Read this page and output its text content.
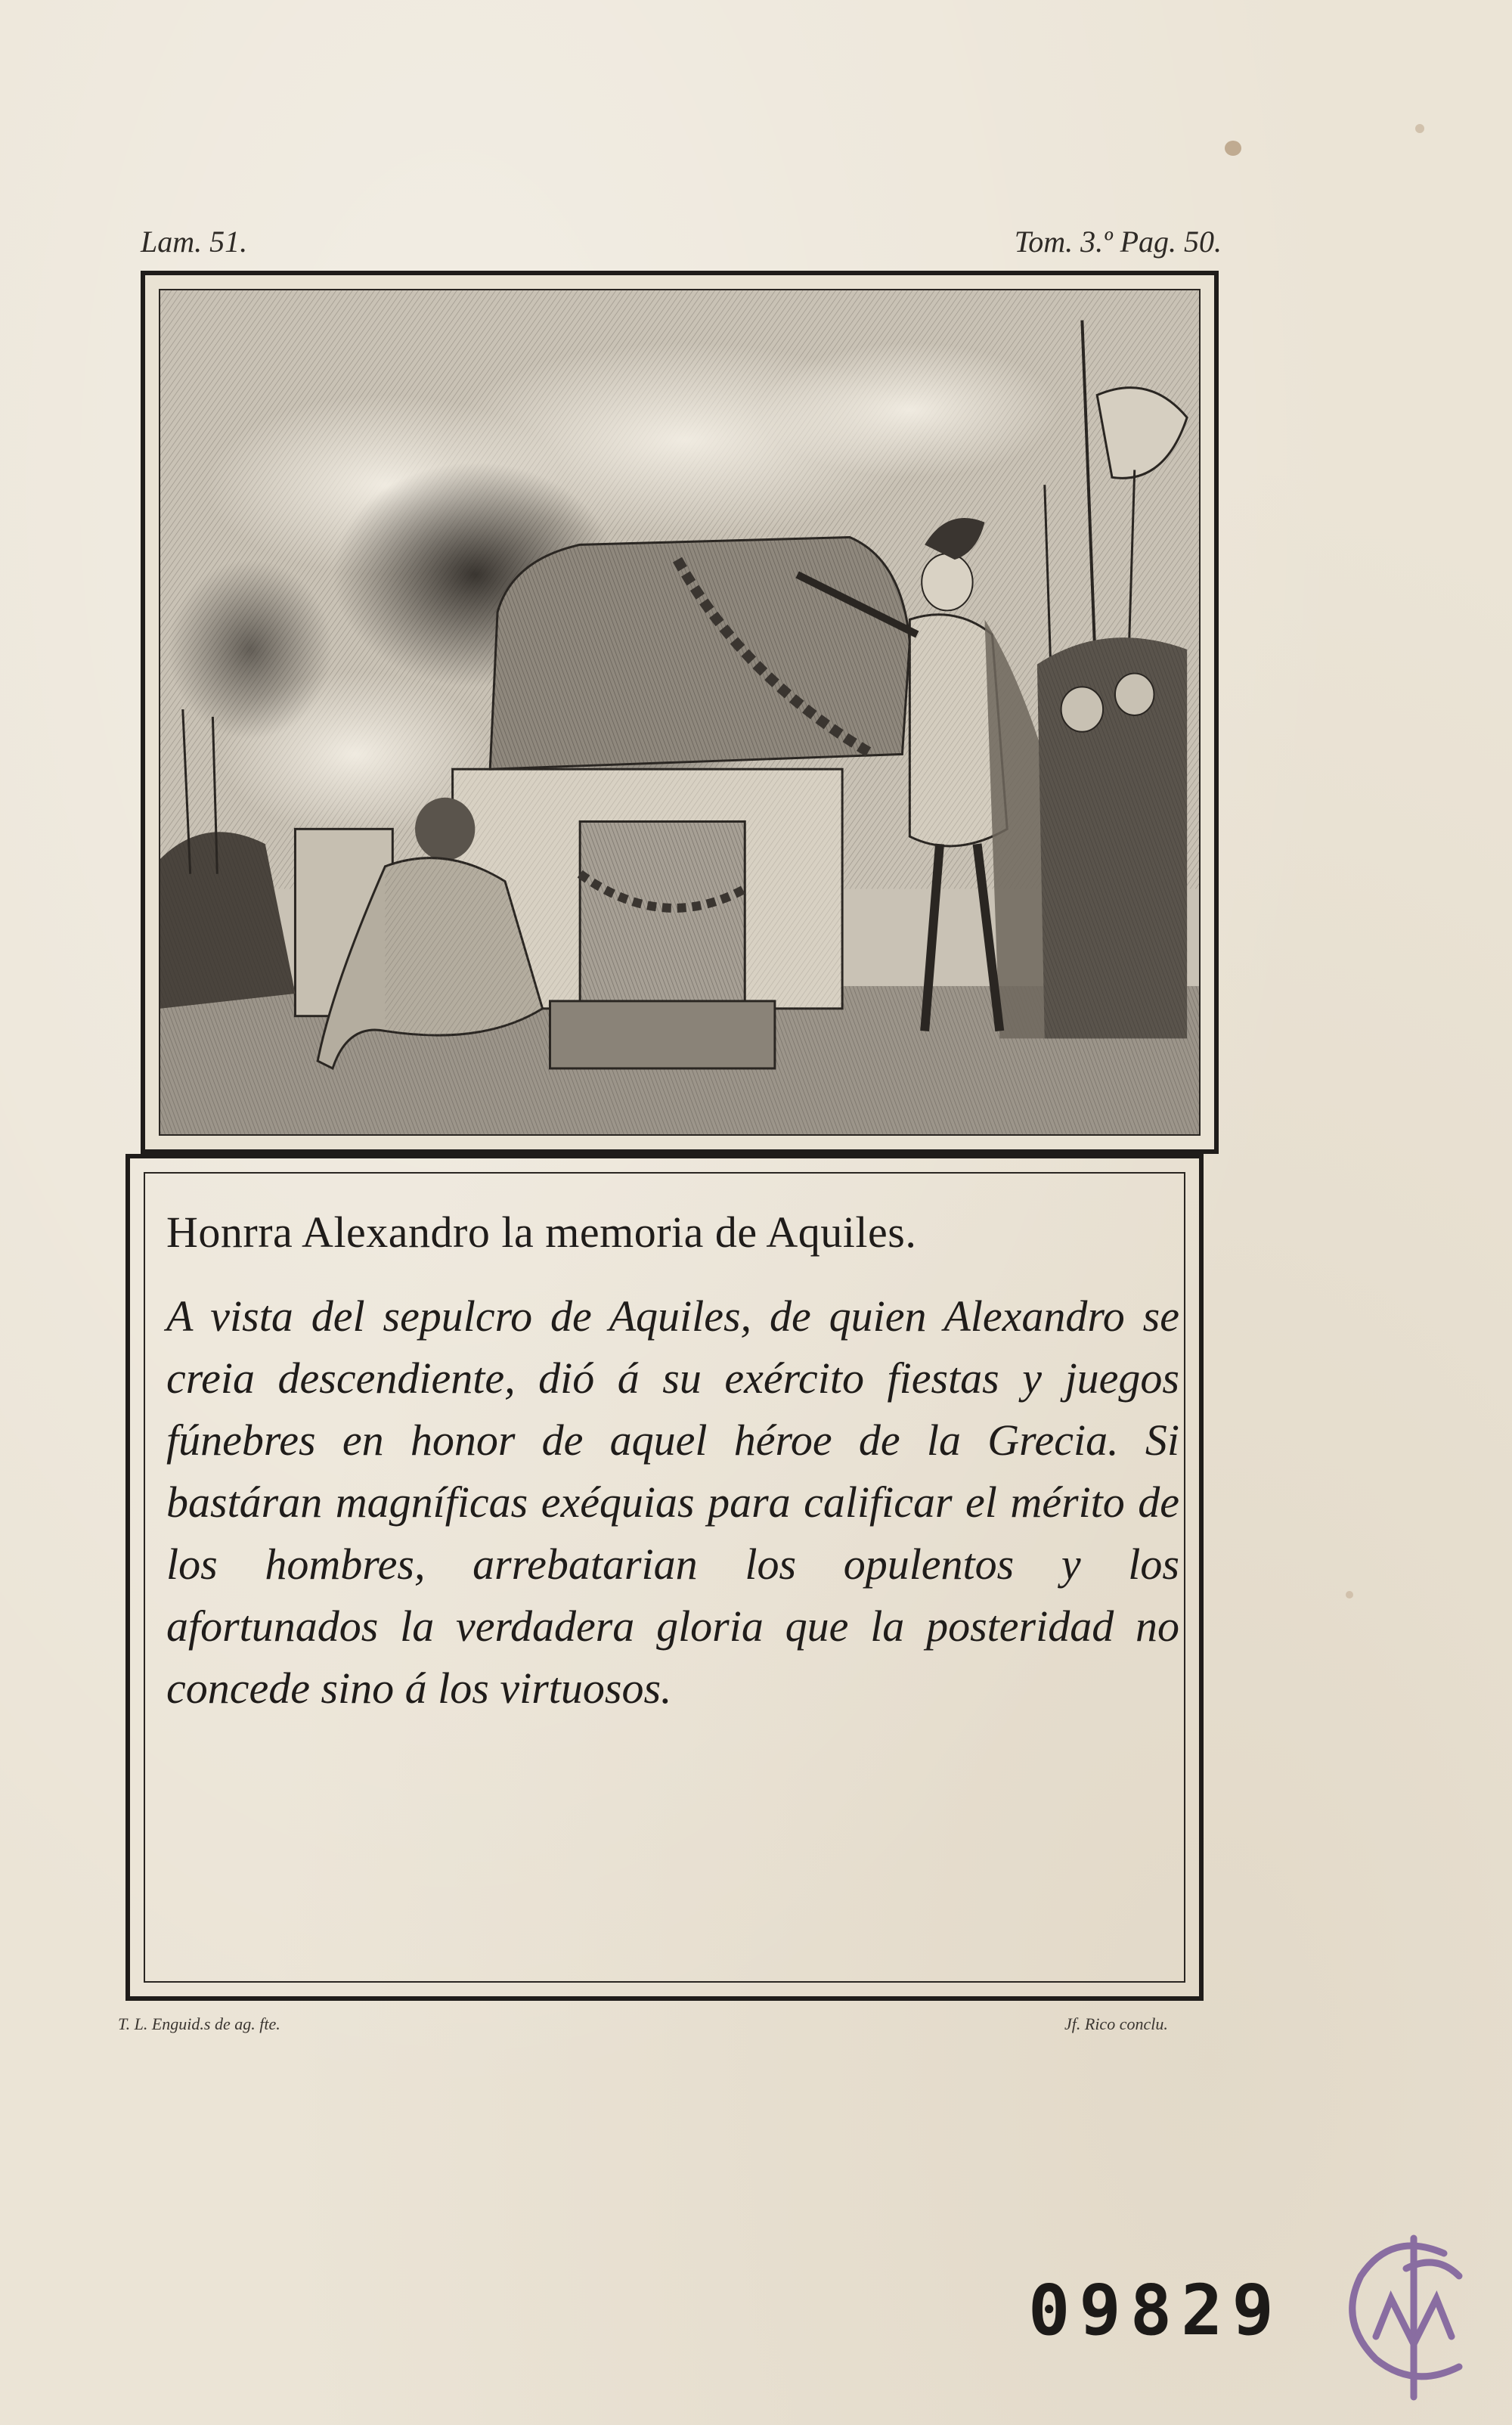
Lam. 51.	Tom. 3.º Pag. 50.
Honrra Alexandro la memoria de Aquiles.
A vista del sepulcro de Aquiles, de quien Alexandro se creia descendiente, dió á su exército fiestas y juegos fúnebres en honor de aquel héroe de la Grecia. Si bastáran magníficas exéquias para calificar el mérito de los hombres, arrebatarian los opulentos y los afortunados la verdadera gloria que la posteridad no concede sino á los virtuosos.
T. L. Enguid.s de ag. fte.	Jf. Rico conclu.
09829
